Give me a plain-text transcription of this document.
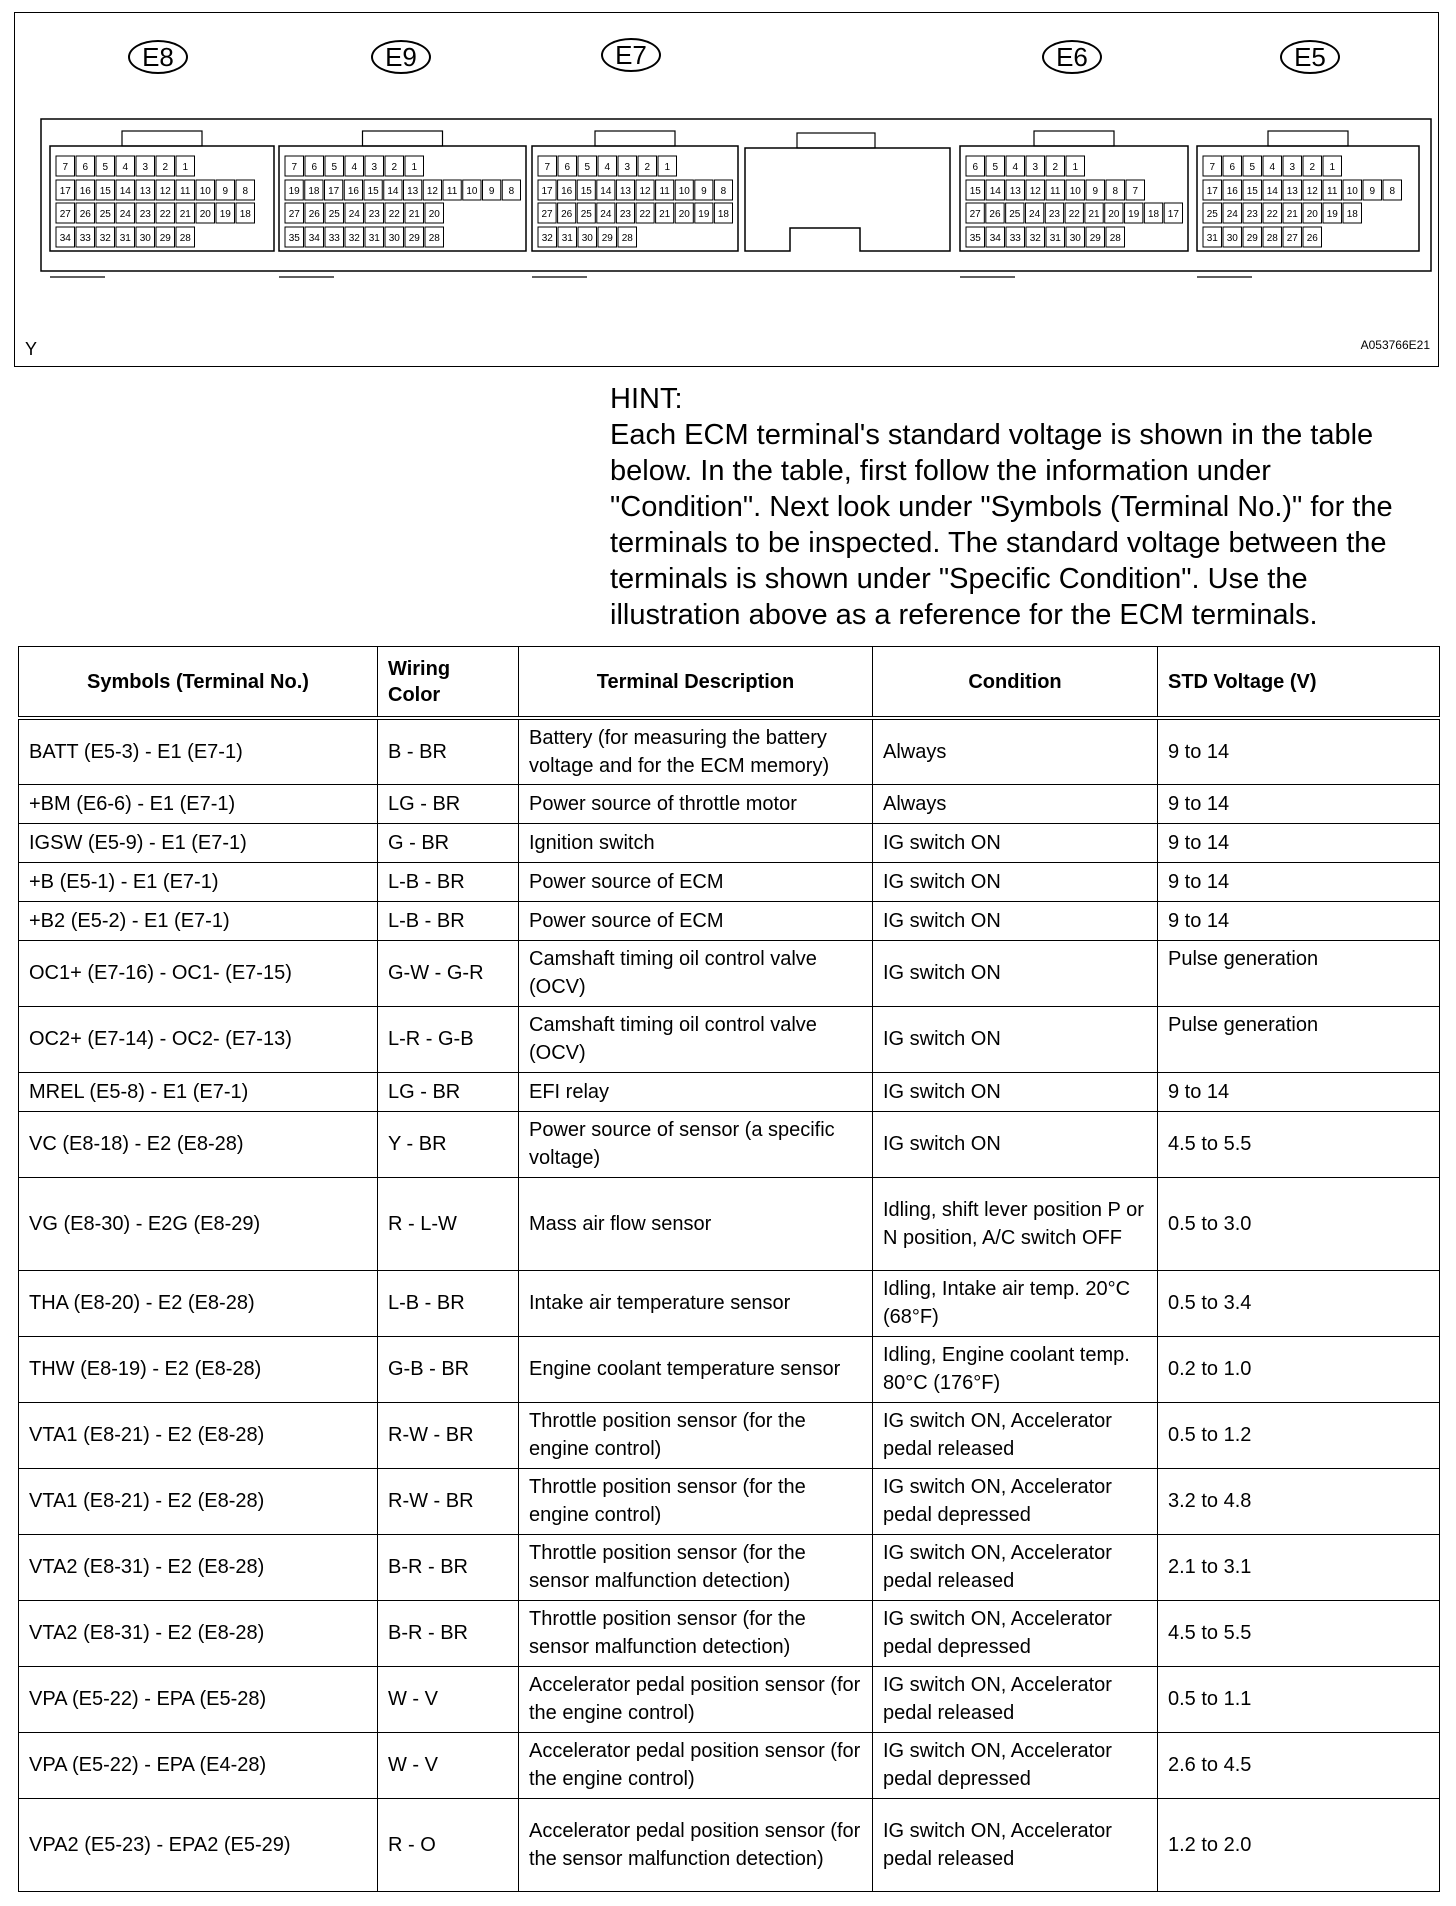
7 6 5 4 3 2 1
17 16 15 14 13 12 11 10 9 8
27 26 25 24 23 22 21 20 19 18
34 33 32 31 30 29 28
7 6 5 4 3 2 1
19 18 17 16 15 14 13 12 11 10 9 8
27 26 25 24 23 22 21 20
35 34 33 32 31 30 29 28
7 6 5 4 3 2 1
17 16 15 14 13 12 11 10 9 8
27 26 25 24 23 22 21 20 19 18
32 31 30 29 28
6 5 4 3 2 1
15 14 13 12 11 10 9 8 7
27 26 25 24 23 22 21 20 19 18 17
35 34 33 32 31 30 29 28
7 6 5 4 3 2 1
17 16 15 14 13 12 11 10 9 8
25 24 23 22 21 20 19 18
31 30 29 28 27 26
E8	E9	E7	E6	E5
Y	A053766E21
HINT:
Each ECM terminal's standard voltage is shown in the table
below. In the table, first follow the information under
"Condition". Next look under "Symbols (Terminal No.)" for the
terminals to be inspected. The standard voltage between the
terminals is shown under "Specific Condition". Use the
illustration above as a reference for the ECM terminals.
Symbols (Terminal No.)	Wiring
Color	Terminal Description	Condition	STD Voltage (V)
BATT (E5-3) - E1 (E7-1)	B - BR	Battery (for measuring the battery voltage and for the ECM memory)	Always	9 to 14
+BM (E6-6) - E1 (E7-1)	LG - BR	Power source of throttle motor	Always	9 to 14
IGSW (E5-9) - E1 (E7-1)	G - BR	Ignition switch	IG switch ON	9 to 14
+B (E5-1) - E1 (E7-1)	L-B - BR	Power source of ECM	IG switch ON	9 to 14
+B2 (E5-2) - E1 (E7-1)	L-B - BR	Power source of ECM	IG switch ON	9 to 14
OC1+ (E7-16) - OC1- (E7-15)	G-W - G-R	Camshaft timing oil control valve (OCV)	IG switch ON	Pulse generation
OC2+ (E7-14) - OC2- (E7-13)	L-R - G-B	Camshaft timing oil control valve (OCV)	IG switch ON	Pulse generation
MREL (E5-8) - E1 (E7-1)	LG - BR	EFI relay	IG switch ON	9 to 14
VC (E8-18) - E2 (E8-28)	Y - BR	Power source of sensor (a specific voltage)	IG switch ON	4.5 to 5.5
VG (E8-30) - E2G (E8-29)	R - L-W	Mass air flow sensor	Idling, shift lever position P or N position, A/C switch OFF	0.5 to 3.0
THA (E8-20) - E2 (E8-28)	L-B - BR	Intake air temperature sensor	Idling, Intake air temp. 20°C (68°F)	0.5 to 3.4
THW (E8-19) - E2 (E8-28)	G-B - BR	Engine coolant temperature sensor	Idling, Engine coolant temp. 80°C (176°F)	0.2 to 1.0
VTA1 (E8-21) - E2 (E8-28)	R-W - BR	Throttle position sensor (for the engine control)	IG switch ON, Accelerator pedal released	0.5 to 1.2
VTA1 (E8-21) - E2 (E8-28)	R-W - BR	Throttle position sensor (for the engine control)	IG switch ON, Accelerator pedal depressed	3.2 to 4.8
VTA2 (E8-31) - E2 (E8-28)	B-R - BR	Throttle position sensor (for the sensor malfunction detection)	IG switch ON, Accelerator pedal released	2.1 to 3.1
VTA2 (E8-31) - E2 (E8-28)	B-R - BR	Throttle position sensor (for the sensor malfunction detection)	IG switch ON, Accelerator pedal depressed	4.5 to 5.5
VPA (E5-22) - EPA (E5-28)	W - V	Accelerator pedal position sensor (for the engine control)	IG switch ON, Accelerator pedal released	0.5 to 1.1
VPA (E5-22) - EPA (E4-28)	W - V	Accelerator pedal position sensor (for the engine control)	IG switch ON, Accelerator pedal depressed	2.6 to 4.5
VPA2 (E5-23) - EPA2 (E5-29)	R - O	Accelerator pedal position sensor (for the sensor malfunction detection)	IG switch ON, Accelerator pedal released	1.2 to 2.0
